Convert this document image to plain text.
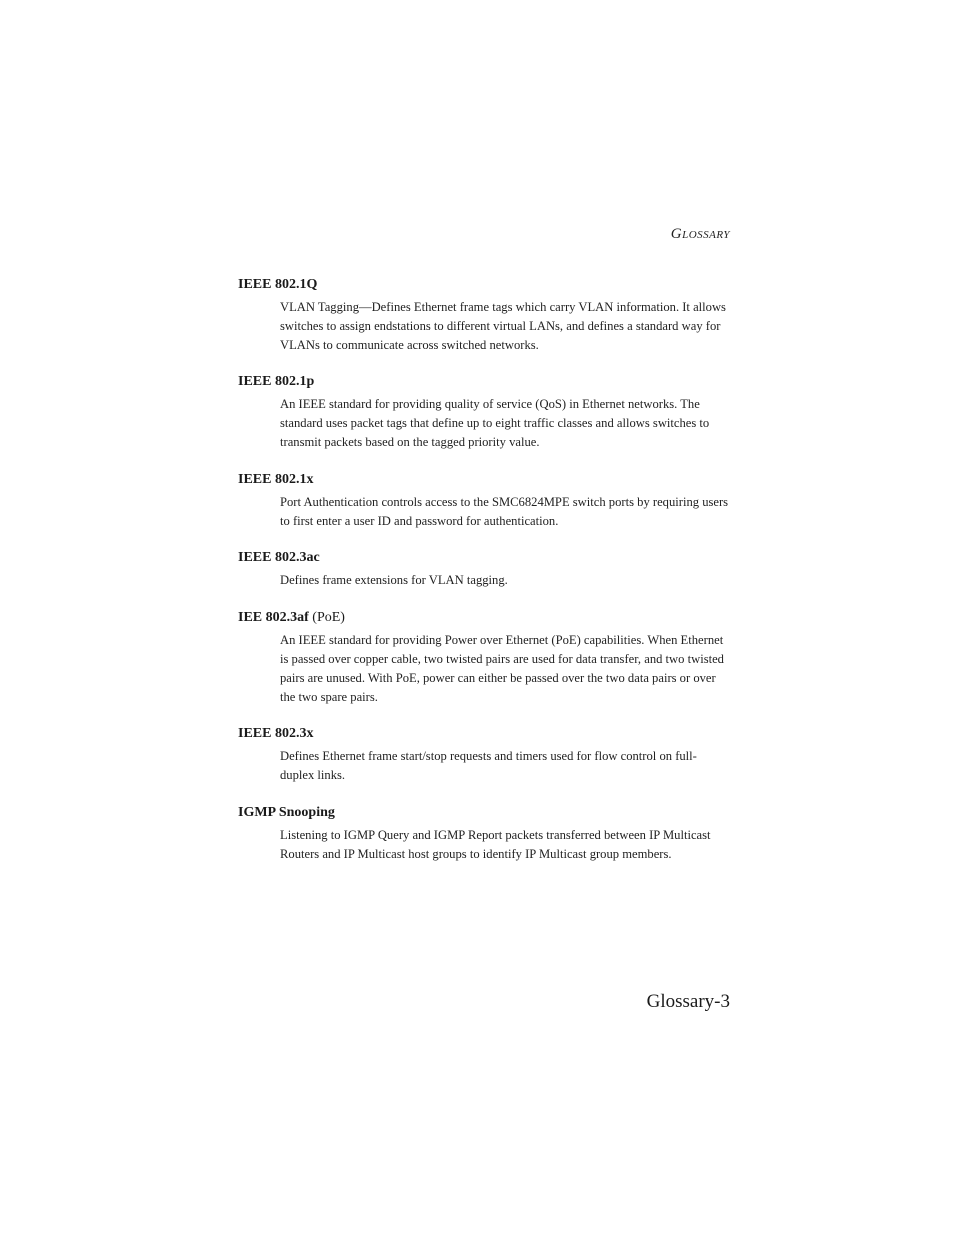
GLOSSARY
IEEE 802.1Q

VLAN Tagging—Defines Ethernet frame tags which carry VLAN information. It allows switches to assign endstations to different virtual LANs, and defines a standard way for VLANs to communicate across switched networks.

IEEE 802.1p

An IEEE standard for providing quality of service (QoS) in Ethernet networks. The standard uses packet tags that define up to eight traffic classes and allows switches to transmit packets based on the tagged priority value.

IEEE 802.1x

Port Authentication controls access to the SMC6824MPE switch ports by requiring users to first enter a user ID and password for authentication.

IEEE 802.3ac

Defines frame extensions for VLAN tagging.

IEE 802.3af (PoE)

An IEEE standard for providing Power over Ethernet (PoE) capabilities. When Ethernet is passed over copper cable, two twisted pairs are used for data transfer, and two twisted pairs are unused. With PoE, power can either be passed over the two data pairs or over the two spare pairs.

IEEE 802.3x

Defines Ethernet frame start/stop requests and timers used for flow control on full-duplex links.

IGMP Snooping

Listening to IGMP Query and IGMP Report packets transferred between IP Multicast Routers and IP Multicast host groups to identify IP Multicast group members.

Glossary-3
